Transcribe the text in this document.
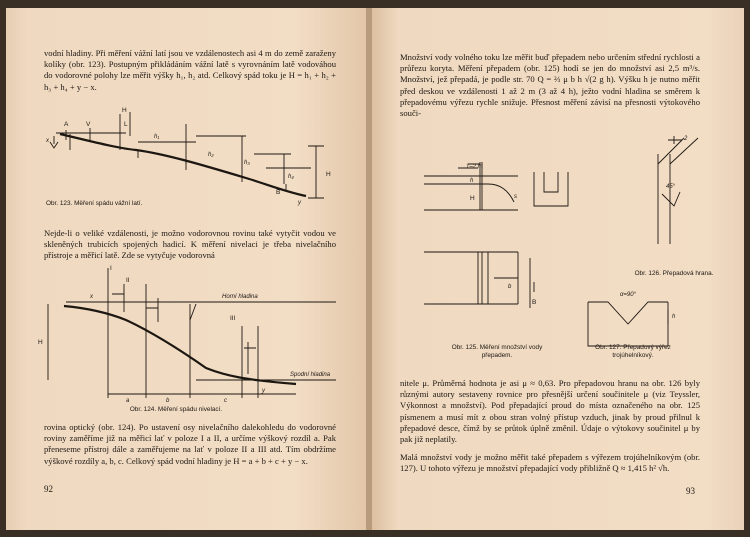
vodní hladiny. Při měření vážní latí jsou ve vzdálenostech asi 4 m do země zaraženy kolíky (obr. 123). Postupným přikládáním vážní latě s vyrovnáním latě vodováhou do vodorovné polohy lze měřit výšky h₁, h₂ atd. Celkový spád toku je H = h₁ + h₂ + h₃ + h₄ + y − x.

A	V
H
L
h₁
h₂
h₃
h₄
B
x
y
H
Obr. 123. Měření spádu vážní latí.

Nejde-li o veliké vzdálenosti, je možno vodorovnou rovinu také vytyčit vodou ve skleněných trubicích spojených hadicí. K měření nivelaci je třeba nivelačního přístroje a měřicí latě. Zde se vytyčuje vodorovná

I
II
III
x
a	b	c
y
H
Horní hladina
Spodní hladina
Obr. 124. Měření spádu nivelací.

rovina optický (obr. 124). Po ustavení osy nivelačního dalekohledu do vodorovné roviny zaměříme již na měřicí lať v poloze I a II, a určíme výškový rozdíl a. Pak přeneseme přístroj dále a zaměřujeme na lať v poloze II a III atd. Tím obdržíme výškové rozdíly a, b, c. Celkový spád vodní hladiny je H = a + b + c + y − x.

92

Množství vody volného toku lze měřit buď přepadem nebo určením střední rychlosti a průřezu koryta. Měření přepadem (obr. 125) hodí se jen do množství asi 2,5 m³/s. Množství, jež přepadá, je podle str. 70 Q = ⅔ μ b h √(2 g h). Výšku h je nutno měřit před deskou ve vzdálenosti 1 až 2 m (3 až 4 h), ježto vodní hladina se směrem k přepadovému výřezu rychle snižuje. Přesnost měření závisí na přesnosti výtokového souči-

1–2 m
h
s
H
b
B
Obr. 125. Měření množství vody přepadem.
2
45°
Obr. 126. Přepadová hrana.
α=90°
h
Obr. 127. Přepadový výřez trojúhelníkový.

nitele μ. Průměrná hodnota je asi μ ≈ 0,63. Pro přepadovou hranu na obr. 126 byly různými autory sestaveny rovnice pro přesnější určení součinitele μ (viz Teyssler, Výkonnost a množství). Pod přepadající proud do místa označeného na obr. 125 písmenem a musí mít z obou stran volný přístup vzduch, jinak by proud přilnul k přepadové desce, čímž by se průtok úplně změnil. Údaje o výtokovy součinitel μ by pak již neplatily.

Malá množství vody je možno měřit také přepadem s výřezem trojúhelníkovým (obr. 127). U tohoto výřezu je množství přepadající vody přibližně Q ≈ 1,415 h² √h.

93
